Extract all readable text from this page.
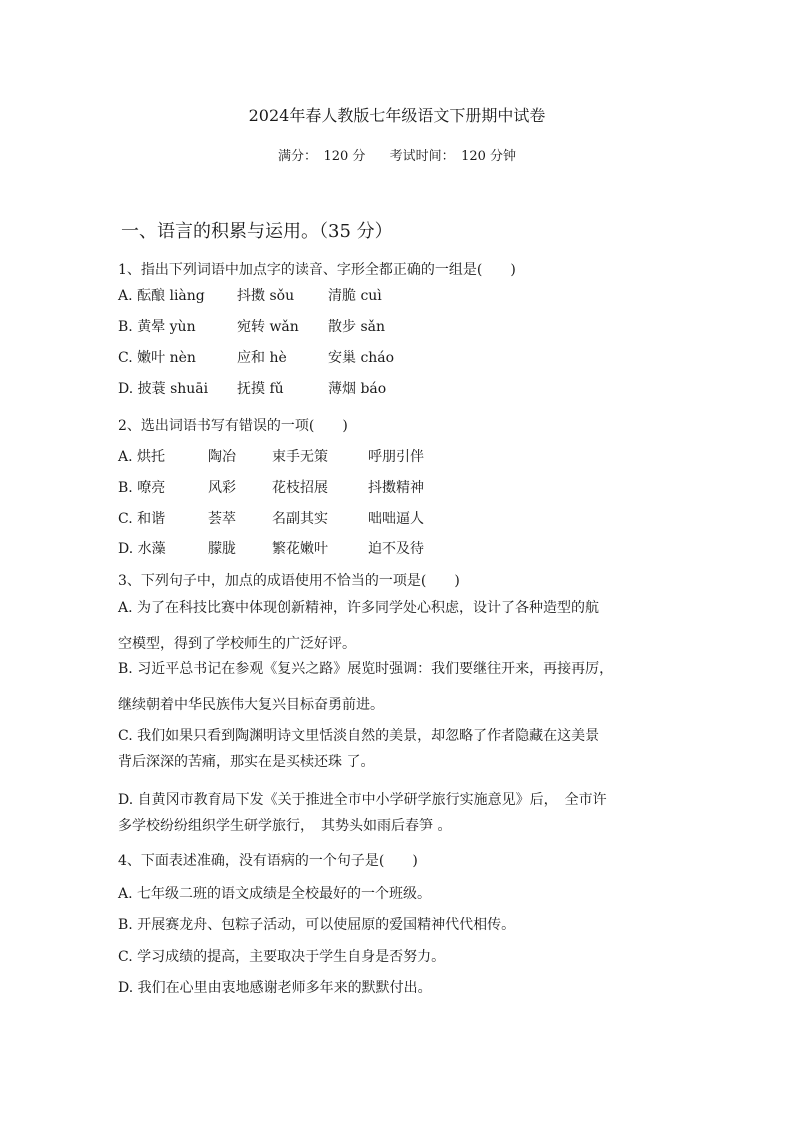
2024年春人教版七年级语文下册期中试卷
满分：　120 分 考试时间：　120 分钟
一、语言的积累与运用。（35 分）
1、指出下列词语中加点字的读音、字形全都正确的一组是(　　)
A. 酝酿 liàng 抖擞 sǒu 清脆 cuì
B. 黄晕 yùn	宛转 wǎn 散步 sǎn
C. 嫩叶 nèn	应和 hè	安巢 cháo
D. 披蓑 shuāi 抚摸 fǔ	薄烟 báo
2、选出词语书写有错误的一项(　　)
A. 烘托	陶冶	束手无策	呼朋引伴
B. 嘹亮	风彩	花枝招展	抖擞精神
C. 和谐	荟萃	名副其实	咄咄逼人
D. 水藻	朦胧	繁花嫩叶	迫不及待
3、下列句子中，加点的成语使用不恰当的一项是(　　)
A. 为了在科技比赛中体现创新精神，许多同学处心积虑，设计了各种造型的航
空模型，得到了学校师生的广泛好评。
B. 习近平总书记在参观《复兴之路》展览时强调：我们要继往开来，再接再厉，
继续朝着中华民族伟大复兴目标奋勇前进。
C. 我们如果只看到陶渊明诗文里恬淡自然的美景，却忽略了作者隐藏在这美景
背后深深的苦痛，那实在是买椟还珠 了。
D. 自黄冈市教育局下发《关于推进全市中小学研学旅行实施意见》后，　全市许
多学校纷纷组织学生研学旅行，　其势头如雨后春笋 。
4、下面表述准确，没有语病的一个句子是(　　)
A. 七年级二班的语文成绩是全校最好的一个班级。
B. 开展赛龙舟、包粽子活动，可以使屈原的爱国精神代代相传。
C. 学习成绩的提高，主要取决于学生自身是否努力。
D. 我们在心里由衷地感谢老师多年来的默默付出。
